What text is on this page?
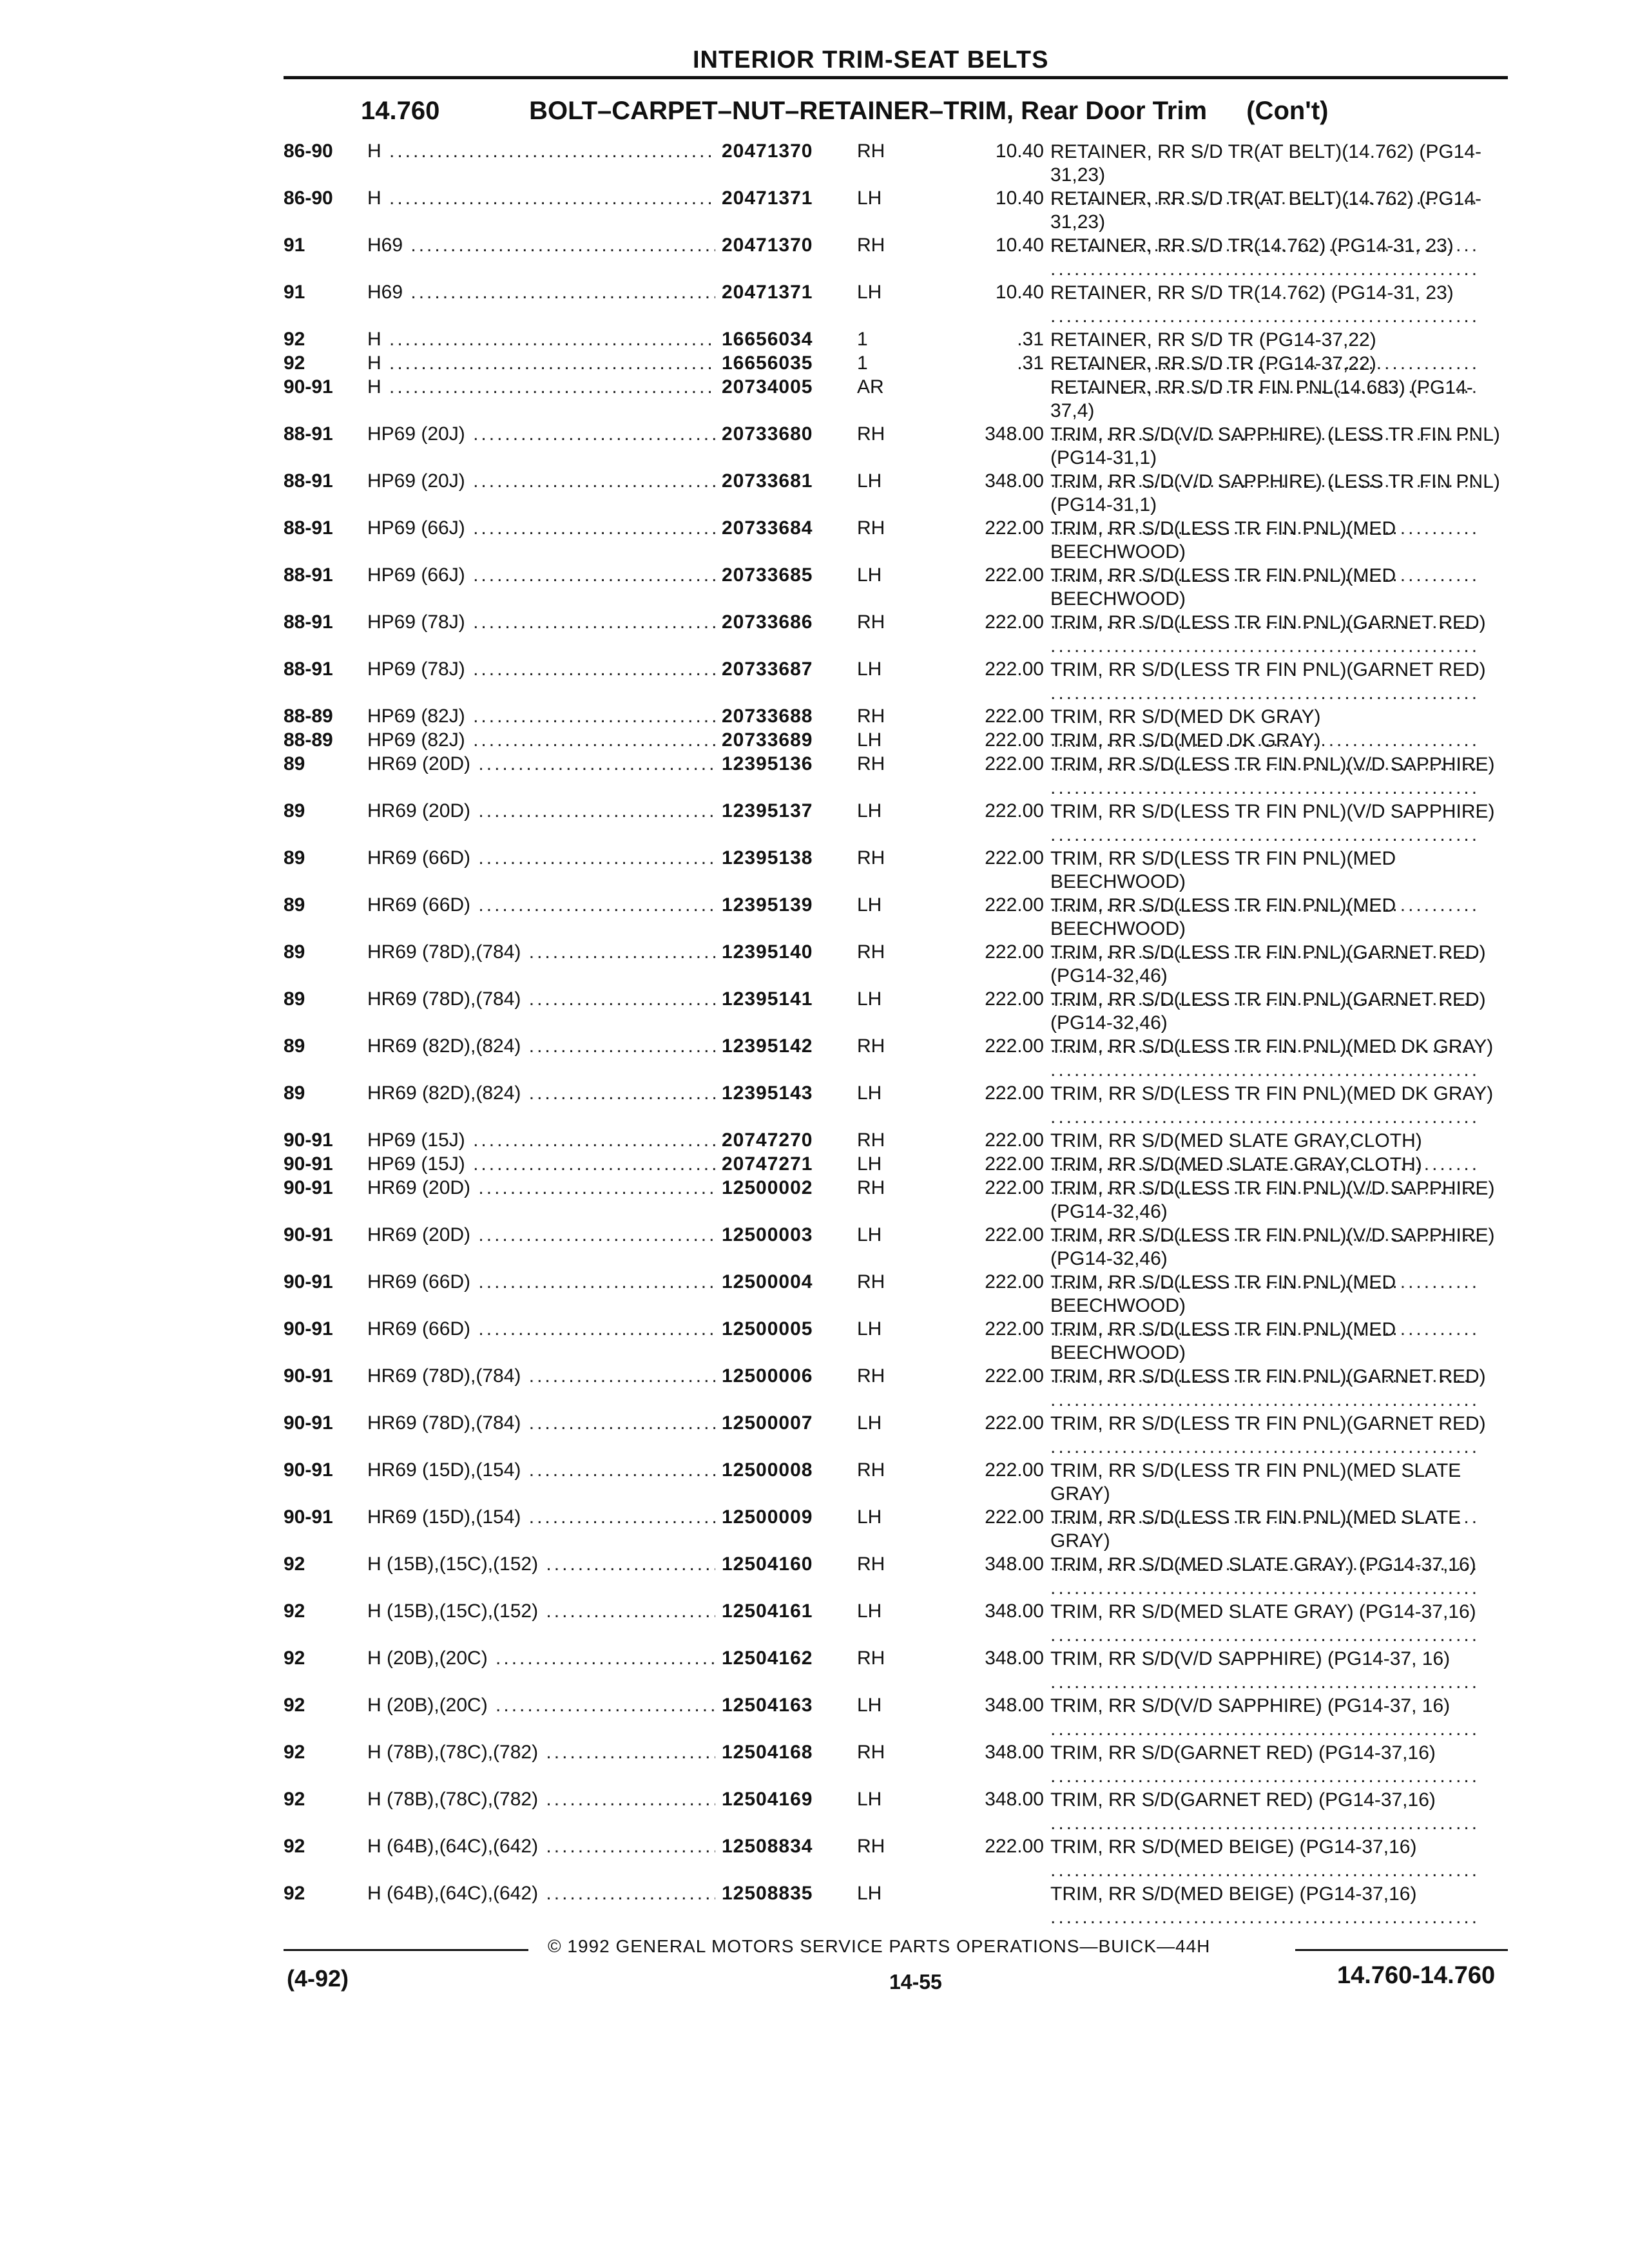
INTERIOR TRIM-SEAT BELTS
14.760	BOLT–CARPET–NUT–RETAINER–TRIM, Rear Door Trim (Con't)
86-90	H .....	20471370 RH	10.40 RETAINER, RR S/D TR(AT BELT)(14.762) (PG14-31,23) .....
86-90	H .....	20471371 LH	10.40 RETAINER, RR S/D TR(AT BELT)(14.762) (PG14-31,23) .....
91	H69 .....	20471370 RH	10.40 RETAINER, RR S/D TR(14.762) (PG14-31, 23) .....
91	H69 .....	20471371 LH	10.40 RETAINER, RR S/D TR(14.762) (PG14-31, 23) .....
92	H .....	16656034 1	.31 RETAINER, RR S/D TR (PG14-37,22) .....
92	H .....	16656035 1	.31 RETAINER, RR S/D TR (PG14-37,22) .....
90-91	H .....	20734005 AR	RETAINER, RR S/D TR FIN PNL(14.683) (PG14-37,4) .....
88-91	HP69 (20J) .....	20733680 RH	348.00 TRIM, RR S/D(V/D SAPPHIRE) (LESS TR FIN PNL) (PG14-31,1) .....
88-91	HP69 (20J) .....	20733681 LH	348.00 TRIM, RR S/D(V/D SAPPHIRE) (LESS TR FIN PNL) (PG14-31,1) .....
88-91	HP69 (66J) .....	20733684 RH	222.00 TRIM, RR S/D(LESS TR FIN PNL)(MED BEECHWOOD) .....
88-91	HP69 (66J) .....	20733685 LH	222.00 TRIM, RR S/D(LESS TR FIN PNL)(MED BEECHWOOD) .....
88-91	HP69 (78J) .....	20733686 RH	222.00 TRIM, RR S/D(LESS TR FIN PNL)(GARNET RED) .....
88-91	HP69 (78J) .....	20733687 LH	222.00 TRIM, RR S/D(LESS TR FIN PNL)(GARNET RED) .....
88-89	HP69 (82J) .....	20733688 RH	222.00 TRIM, RR S/D(MED DK GRAY) .....
88-89	HP69 (82J) .....	20733689 LH	222.00 TRIM, RR S/D(MED DK GRAY) .....
89	HR69 (20D) .....	12395136 RH	222.00 TRIM, RR S/D(LESS TR FIN PNL)(V/D SAPPHIRE) .....
89	HR69 (20D) .....	12395137 LH	222.00 TRIM, RR S/D(LESS TR FIN PNL)(V/D SAPPHIRE) .....
89	HR69 (66D) .....	12395138 RH	222.00 TRIM, RR S/D(LESS TR FIN PNL)(MED BEECHWOOD) .....
89	HR69 (66D) .....	12395139 LH	222.00 TRIM, RR S/D(LESS TR FIN PNL)(MED BEECHWOOD) .....
89	HR69 (78D),(784) .....	12395140 RH	222.00 TRIM, RR S/D(LESS TR FIN PNL)(GARNET RED) (PG14-32,46) .....
89	HR69 (78D),(784) .....	12395141 LH	222.00 TRIM, RR S/D(LESS TR FIN PNL)(GARNET RED) (PG14-32,46) .....
89	HR69 (82D),(824) .....	12395142 RH	222.00 TRIM, RR S/D(LESS TR FIN PNL)(MED DK GRAY) .....
89	HR69 (82D),(824) .....	12395143 LH	222.00 TRIM, RR S/D(LESS TR FIN PNL)(MED DK GRAY) .....
90-91	HP69 (15J) .....	20747270 RH	222.00 TRIM, RR S/D(MED SLATE GRAY,CLOTH) .....
90-91	HP69 (15J) .....	20747271 LH	222.00 TRIM, RR S/D(MED SLATE GRAY,CLOTH) .....
90-91	HR69 (20D) .....	12500002 RH	222.00 TRIM, RR S/D(LESS TR FIN PNL)(V/D SAPPHIRE) (PG14-32,46) .....
90-91	HR69 (20D) .....	12500003 LH	222.00 TRIM, RR S/D(LESS TR FIN PNL)(V/D SAPPHIRE) (PG14-32,46) .....
90-91	HR69 (66D) .....	12500004 RH	222.00 TRIM, RR S/D(LESS TR FIN PNL)(MED BEECHWOOD) .....
90-91	HR69 (66D) .....	12500005 LH	222.00 TRIM, RR S/D(LESS TR FIN PNL)(MED BEECHWOOD) .....
90-91	HR69 (78D),(784) .....	12500006 RH	222.00 TRIM, RR S/D(LESS TR FIN PNL)(GARNET RED) .....
90-91	HR69 (78D),(784) .....	12500007 LH	222.00 TRIM, RR S/D(LESS TR FIN PNL)(GARNET RED) .....
90-91	HR69 (15D),(154) .....	12500008 RH	222.00 TRIM, RR S/D(LESS TR FIN PNL)(MED SLATE GRAY) .....
90-91	HR69 (15D),(154) .....	12500009 LH	222.00 TRIM, RR S/D(LESS TR FIN PNL)(MED SLATE GRAY) .....
92	H (15B),(15C),(152) .....	12504160 RH	348.00 TRIM, RR S/D(MED SLATE GRAY) (PG14-37,16) .....
92	H (15B),(15C),(152) .....	12504161 LH	348.00 TRIM, RR S/D(MED SLATE GRAY) (PG14-37,16) .....
92	H (20B),(20C) .....	12504162 RH	348.00 TRIM, RR S/D(V/D SAPPHIRE) (PG14-37, 16) .....
92	H (20B),(20C) .....	12504163 LH	348.00 TRIM, RR S/D(V/D SAPPHIRE) (PG14-37, 16) .....
92	H (78B),(78C),(782) .....	12504168 RH	348.00 TRIM, RR S/D(GARNET RED) (PG14-37,16) .....
92	H (78B),(78C),(782) .....	12504169 LH	348.00 TRIM, RR S/D(GARNET RED) (PG14-37,16) .....
92	H (64B),(64C),(642) .....	12508834 RH	222.00 TRIM, RR S/D(MED BEIGE) (PG14-37,16) .....
92	H (64B),(64C),(642) .....	12508835 LH	TRIM, RR S/D(MED BEIGE) (PG14-37,16) .....
© 1992 GENERAL MOTORS SERVICE PARTS OPERATIONS—BUICK—44H
(4-92)	14-55	14.760-14.760
